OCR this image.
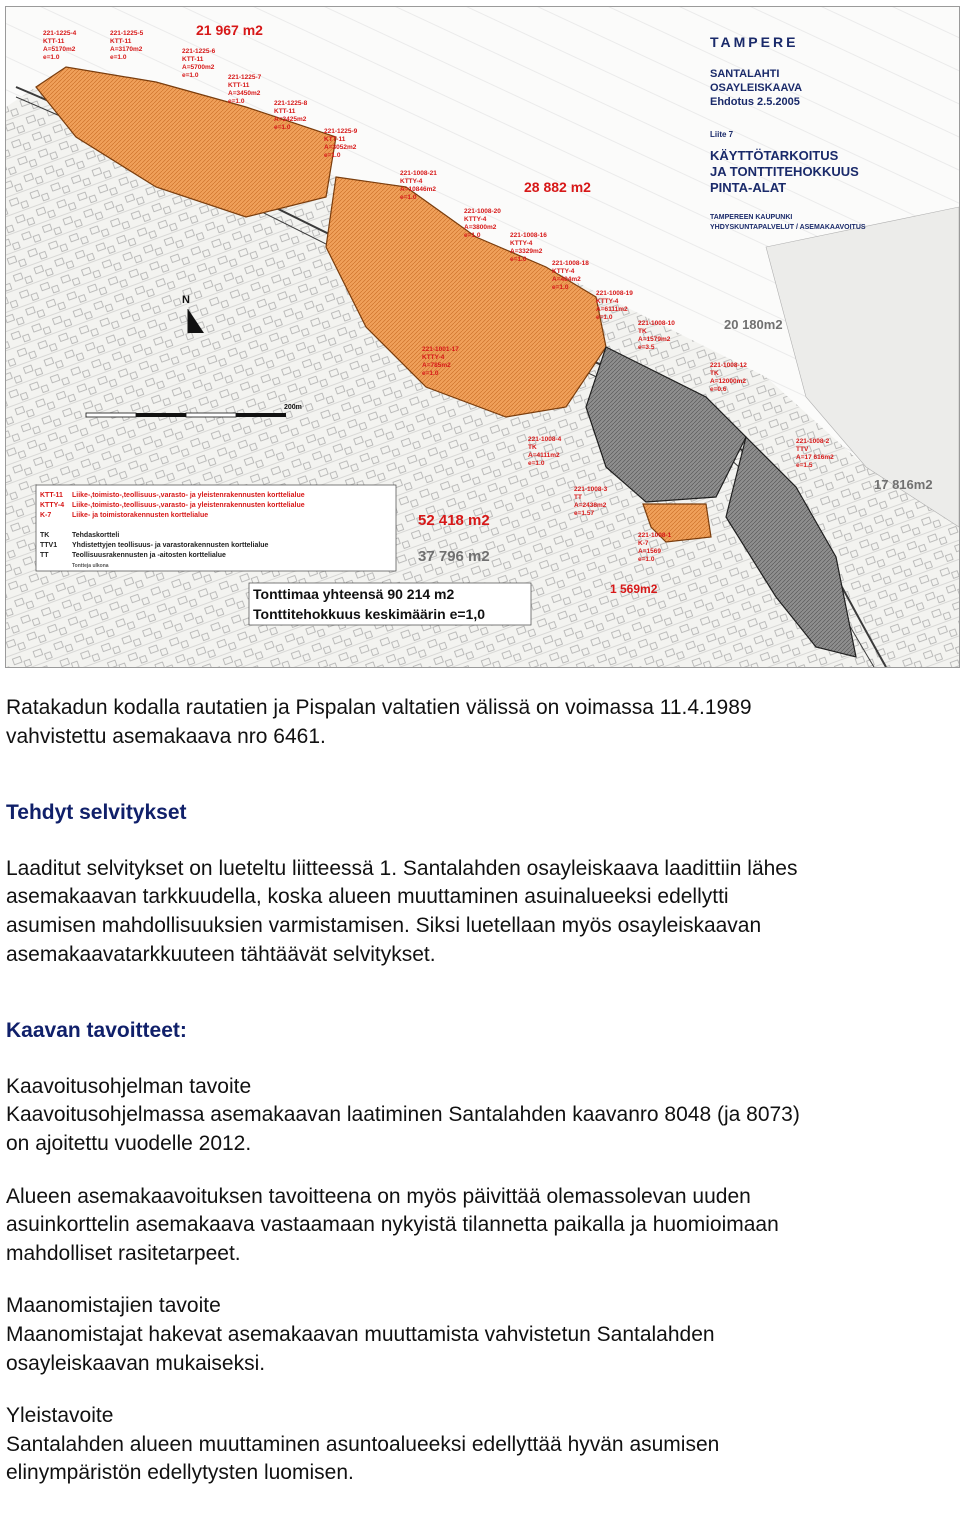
TAMPERE
SANTALAHTI
OSAYLEISKAAVA
Ehdotus 2.5.2005
Liite 7
KÄYTTÖTARKOITUS
JA TONTTITEHOKKUUS
PINTA-ALAT
TAMPEREEN KAUPUNKI
YHDYSKUNTAPALVELUT / ASEMAKAAVOITUS
21 967 m2
28 882 m2
52 418 m2
1 569m2
20 180m2
17 816m2
37 796 m2
221-1225-4
KTT-11
A=5170m2
e=1.0
221-1225-5
KTT-11
A=3170m2
e=1.0
221-1225-6
KTT-11
A=5700m2
e=1.0	221-1225-7
KTT-11
A=3450m2
e=1.0	221-1225-8
KTT-11
A=3425m2
e=1.0
221-1225-9
KTT-11
A=3052m2
e=1.0
221-1008-21
KTTY-4
A=10846m2
e=1.0
221-1008-20
KTTY-4
A=3800m2
e=1.0	221-1008-16
KTTY-4
A=3329m2
e=1.0
221-1008-18
KTTY-4
A=404m2
e=1.0
221-1008-19
KTTY-4
A=6111m2
e=1.0
221-1008-10
TK
A=1579m2
e=3.5
221-1008-12
TK
A=12000m2
e=0.6
221-1001-17
KTTY-4
A=785m2
e=1.0
221-1008-4
TK
A=4111m2
e=1.0
221-1008-2
TTV
A=17 616m2
e=1.5
221-1008-3
TT
A=2438m2
e=1.57
221-1008-1
K-7
A=1569
e=1.0
N
200m
KTT-11 Liike-,toimisto-,teollisuus-,varasto- ja yleistenrakennusten korttelialue
KTTY-4 Liike-,toimisto-,teollisuus-,varasto- ja yleistenrakennusten korttelialue
K-7	Liike- ja toimistorakennusten korttelialue
TK	Tehdaskortteli
TTV1 Yhdistettyjen teollisuus- ja varastorakennusten korttelialue
TT	Teollisuusrakennusten ja -aitosten korttelialue
Tontteja ulkona
Tonttimaa yhteensä 90 214 m2
Tonttitehokkuus keskimäärin e=1,0

Ratakadun kodalla rautatien ja Pispalan valtatien välissä on voimassa 11.4.1989

vahvistettu asemakaava nro 6461.

Tehdyt selvitykset

Laaditut selvitykset on lueteltu liitteessä 1. Santalahden osayleiskaava laadittiin lähes

asemakaavan tarkkuudella, koska alueen muuttaminen asuinalueeksi edellytti

asumisen mahdollisuuksien varmistamisen. Siksi luetellaan myös osayleiskaavan

asemakaavatarkkuuteen tähtäävät selvitykset.

Kaavan tavoitteet:

Kaavoitusohjelman tavoite

Kaavoitusohjelmassa asemakaavan laatiminen Santalahden kaavanro 8048 (ja 8073)

on ajoitettu vuodelle 2012.

Alueen asemakaavoituksen tavoitteena on myös päivittää olemassolevan uuden

asuinkorttelin asemakaava vastaamaan nykyistä tilannetta paikalla ja huomioimaan

mahdolliset rasitetarpeet.

Maanomistajien tavoite

Maanomistajat hakevat asemakaavan muuttamista vahvistetun Santalahden

osayleiskaavan mukaiseksi.

Yleistavoite

Santalahden alueen muuttaminen asuntoalueeksi edellyttää hyvän asumisen

elinympäristön edellytysten luomisen.
